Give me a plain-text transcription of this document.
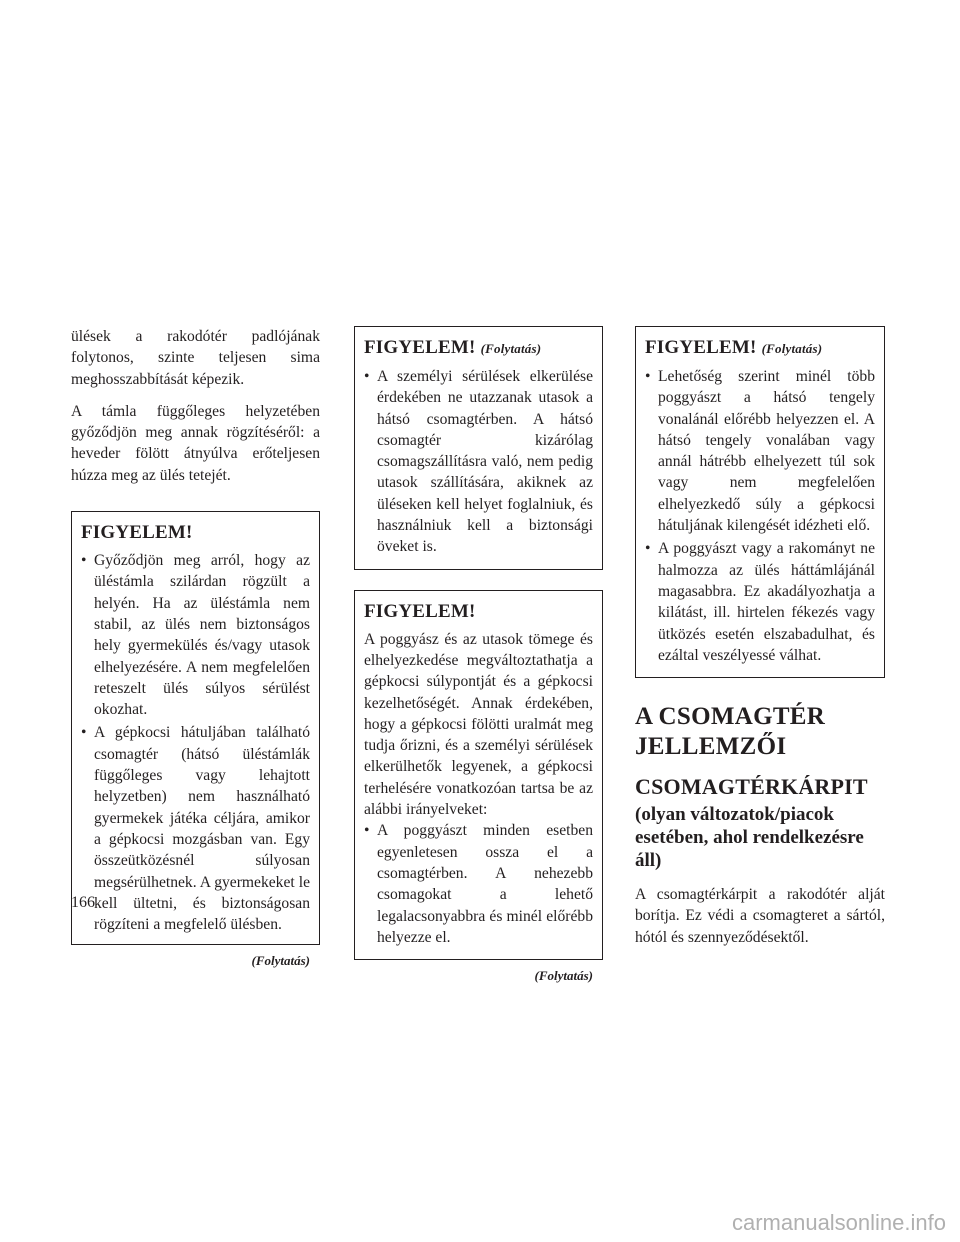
ülések a rakodótér padlójának folytonos, szinte teljesen sima meghosszabbítását képezik.

A támla függőleges helyzetében győződjön meg annak rögzítéséről: a heveder fölött átnyúlva erőteljesen húzza meg az ülés tetejét.

FIGYELEM!
• Győződjön meg arról, hogy az üléstámla szilárdan rögzült a helyén. Ha az üléstámla nem stabil, az ülés nem biztonságos hely gyermekülés és/vagy utasok elhelyezésére. A nem megfelelően reteszelt ülés súlyos sérülést okozhat.
• A gépkocsi hátuljában található csomagtér (hátsó üléstámlák függőleges vagy lehajtott helyzetben) nem használható gyermekek játéka céljára, amikor a gépkocsi mozgásban van. Egy összeütközésnél súlyosan megsérülhetnek. A gyermekeket le kell ültetni, és biztonságosan rögzíteni a megfelelő ülésben.
(Folytatás)
FIGYELEM! (Folytatás)
• A személyi sérülések elkerülése érdekében ne utazzanak utasok a hátsó csomagtérben. A hátsó csomagtér kizárólag csomagszállításra való, nem pedig utasok szállítására, akiknek az üléseken kell helyet foglalniuk, és használniuk kell a biztonsági öveket is.
FIGYELEM!

A poggyász és az utasok tömege és elhelyezkedése megváltoztathatja a gépkocsi súlypontját és a gépkocsi kezelhetőségét. Annak érdekében, hogy a gépkocsi fölötti uralmát meg tudja őrizni, és a személyi sérülések elkerülhetők legyenek, a gépkocsi terhelésére vonatkozóan tartsa be az alábbi irányelveket:

• A poggyászt minden esetben egyenletesen ossza el a csomagtérben. A nehezebb csomagokat a lehető legalacsonyabbra és minél előrébb helyezze el.
(Folytatás)
FIGYELEM! (Folytatás)
• Lehetőség szerint minél több poggyászt a hátsó tengely vonalánál előrébb helyezzen el. A hátsó tengely vonalában vagy annál hátrébb elhelyezett túl sok vagy nem megfelelően elhelyezkedő súly a gépkocsi hátuljának kilengését idézheti elő.
• A poggyászt vagy a rakományt ne halmozza az ülés háttámlájánál magasabbra. Ez akadályozhatja a kilátást, ill. hirtelen fékezés vagy ütközés esetén elszabadulhat, és ezáltal veszélyessé válhat.
A CSOMAGTÉR JELLEMZŐI
CSOMAGTÉRKÁRPIT
(olyan változatok/piacok esetében, ahol rendelkezésre áll)

A csomagtérkárpit a rakodótér alját borítja. Ez védi a csomagteret a sártól, hótól és szennyeződésektől.

166
carmanualsonline.info
